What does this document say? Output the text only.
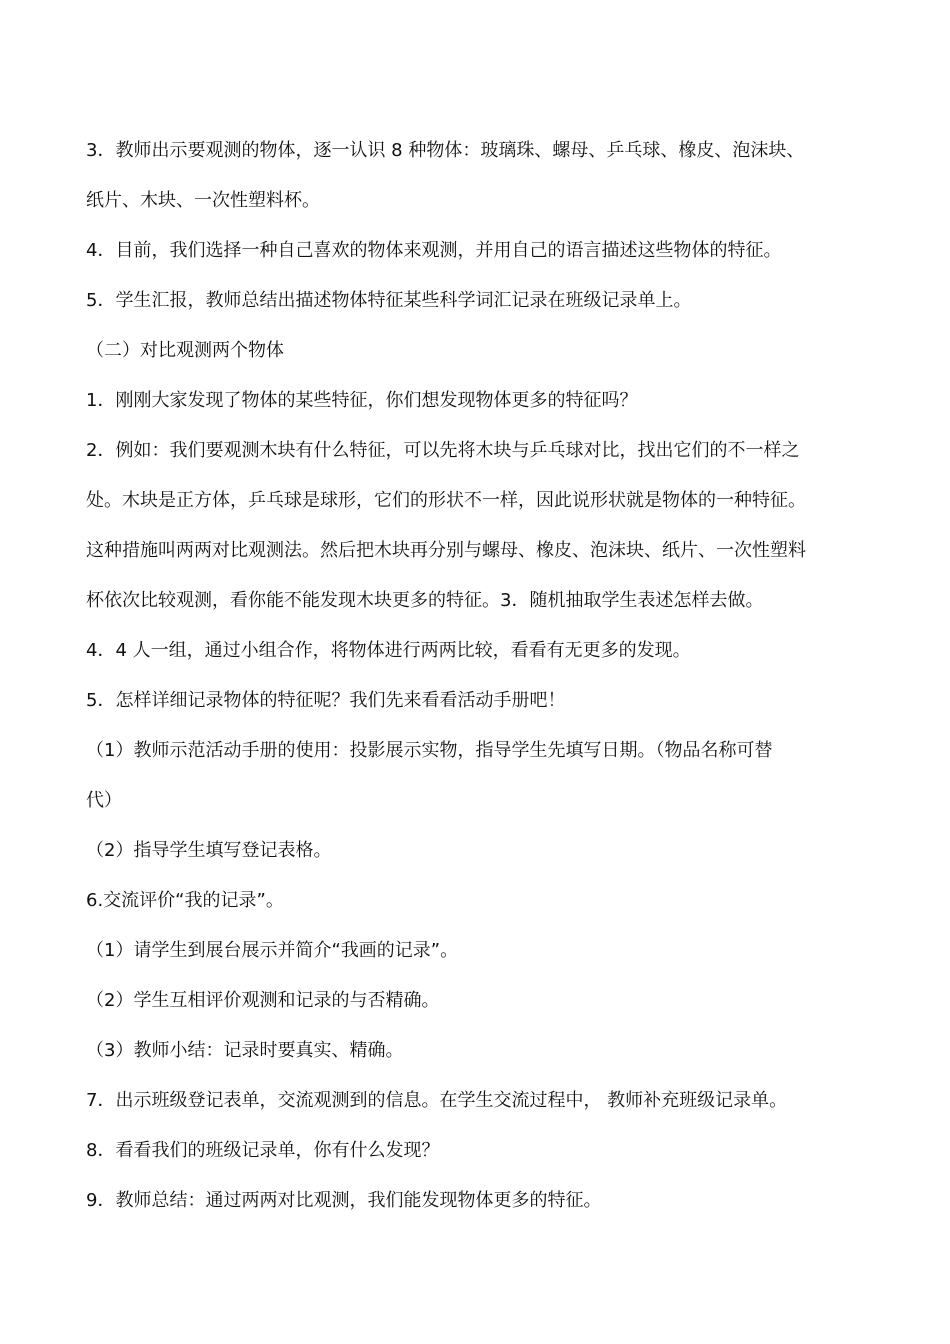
3．教师出示要观测的物体，逐一认识 8 种物体：玻璃珠、螺母、乒乓球、橡皮、泡沫块、
纸片、木块、一次性塑料杯。
4．目前，我们选择一种自己喜欢的物体来观测，并用自己的语言描述这些物体的特征。
5．学生汇报，教师总结出描述物体特征某些科学词汇记录在班级记录单上。
（二）对比观测两个物体
1．刚刚大家发现了物体的某些特征，你们想发现物体更多的特征吗？
2．例如：我们要观测木块有什么特征，可以先将木块与乒乓球对比，找出它们的不一样之
处。木块是正方体，乒乓球是球形，它们的形状不一样，因此说形状就是物体的一种特征。
这种措施叫两两对比观测法。然后把木块再分别与螺母、橡皮、泡沫块、纸片、一次性塑料
杯依次比较观测，看你能不能发现木块更多的特征。3．随机抽取学生表述怎样去做。
4．4 人一组，通过小组合作，将物体进行两两比较，看看有无更多的发现。
5．怎样详细记录物体的特征呢？我们先来看看活动手册吧！
（1）教师示范活动手册的使用：投影展示实物，指导学生先填写日期。（物品名称可替
代）
（2）指导学生填写登记表格。
6.交流评价“我的记录”。
（1）请学生到展台展示并简介“我画的记录”。
（2）学生互相评价观测和记录的与否精确。
（3）教师小结：记录时要真实、精确。
7．出示班级登记表单，交流观测到的信息。在学生交流过程中， 教师补充班级记录单。
8．看看我们的班级记录单，你有什么发现？
9．教师总结：通过两两对比观测，我们能发现物体更多的特征。
